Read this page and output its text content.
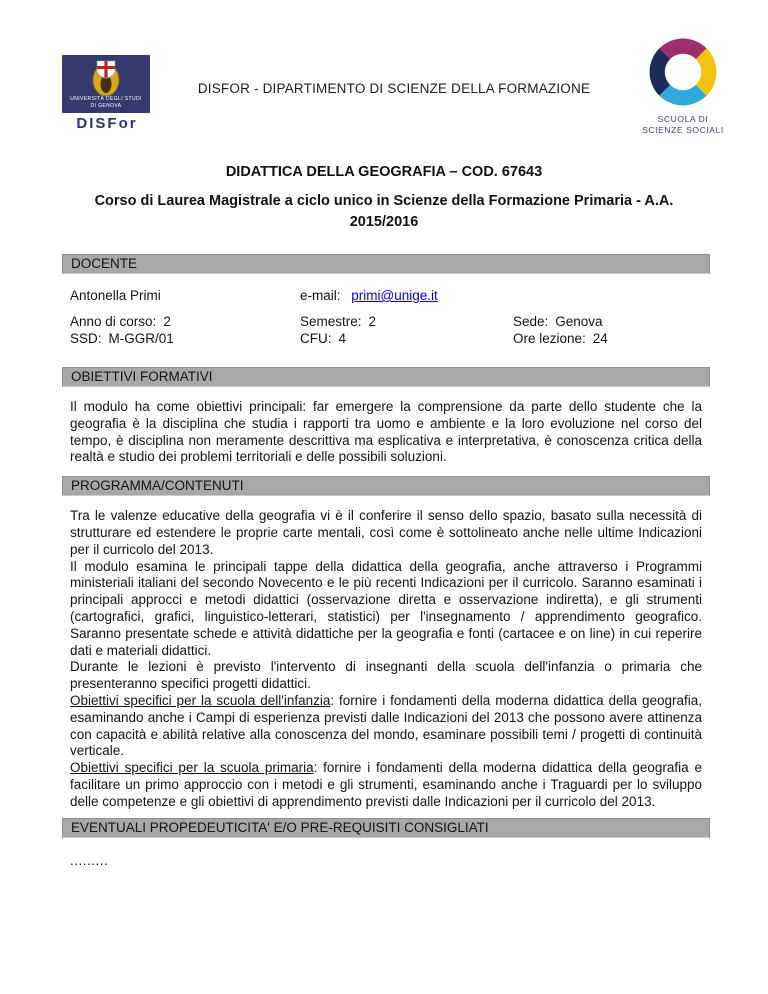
UNIVERSITÀ DEGLI STUDI
DI GENOVA
DISFor
DISFOR - DIPARTIMENTO DI SCIENZE DELLA FORMAZIONE
SCUOLA DI
SCIENZE SOCIALI
DIDATTICA DELLA GEOGRAFIA – COD. 67643
Corso di Laurea Magistrale a ciclo unico in Scienze della Formazione Primaria - A.A.
2015/2016
DOCENTE
Antonella Primi	e-mail: primi@unige.it
Anno di corso: 2	Semestre: 2	Sede: Genova
SSD: M-GGR/01	CFU: 4	Ore lezione: 24
OBIETTIVI FORMATIVI

Il modulo ha come obiettivi principali: far emergere la comprensione da parte dello studente che la geografia è la disciplina che studia i rapporti tra uomo e ambiente e la loro evoluzione nel corso del tempo, è disciplina non meramente descrittiva ma esplicativa e interpretativa, è conoscenza critica della realtà e studio dei problemi territoriali e delle possibili soluzioni.

PROGRAMMA/CONTENUTI

Tra le valenze educative della geografia vi è il conferire il senso dello spazio, basato sulla necessità di strutturare ed estendere le proprie carte mentali, così come è sottolineato anche nelle ultime Indicazioni per il curricolo del 2013.

Il modulo esamina le principali tappe della didattica della geografia, anche attraverso i Programmi ministeriali italiani del secondo Novecento e le più recenti Indicazioni per il curricolo. Saranno esaminati i principali approcci e metodi didattici (osservazione diretta e osservazione indiretta), e gli strumenti (cartografici, grafici, linguistico-letterari, statistici) per l'insegnamento / apprendimento geografico. Saranno presentate schede e attività didattiche per la geografia e fonti (cartacee e on line) in cui reperire dati e materiali didattici.

Durante le lezioni è previsto l'intervento di insegnanti della scuola dell'infanzia o primaria che presenteranno specifici progetti didattici.

Obiettivi specifici per la scuola dell'infanzia: fornire i fondamenti della moderna didattica della geografia, esaminando anche i Campi di esperienza previsti dalle Indicazioni del 2013 che possono avere attinenza con capacità e abilità relative alla conoscenza del mondo, esaminare possibili temi / progetti di continuità verticale.

Obiettivi specifici per la scuola primaria: fornire i fondamenti della moderna didattica della geografia e facilitare un primo approccio con i metodi e gli strumenti, esaminando anche i Traguardi per lo sviluppo delle competenze e gli obiettivi di apprendimento previsti dalle Indicazioni per il curricolo del 2013.

EVENTUALI PROPEDEUTICITA' E/O PRE-REQUISITI CONSIGLIATI
.........
